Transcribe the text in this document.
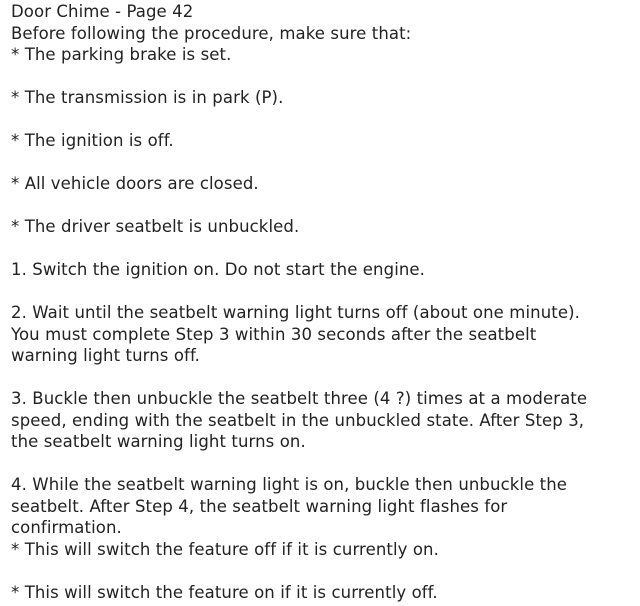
Door Chime - Page 42
Before following the procedure, make sure that:
* The parking brake is set.
* The transmission is in park (P).
* The ignition is off.
* All vehicle doors are closed.
* The driver seatbelt is unbuckled.
1. Switch the ignition on. Do not start the engine.
2. Wait until the seatbelt warning light turns off (about one minute).
You must complete Step 3 within 30 seconds after the seatbelt
warning light turns off.
3. Buckle then unbuckle the seatbelt three (4 ?) times at a moderate
speed, ending with the seatbelt in the unbuckled state. After Step 3,
the seatbelt warning light turns on.
4. While the seatbelt warning light is on, buckle then unbuckle the
seatbelt. After Step 4, the seatbelt warning light flashes for
confirmation.
* This will switch the feature off if it is currently on.
* This will switch the feature on if it is currently off.
